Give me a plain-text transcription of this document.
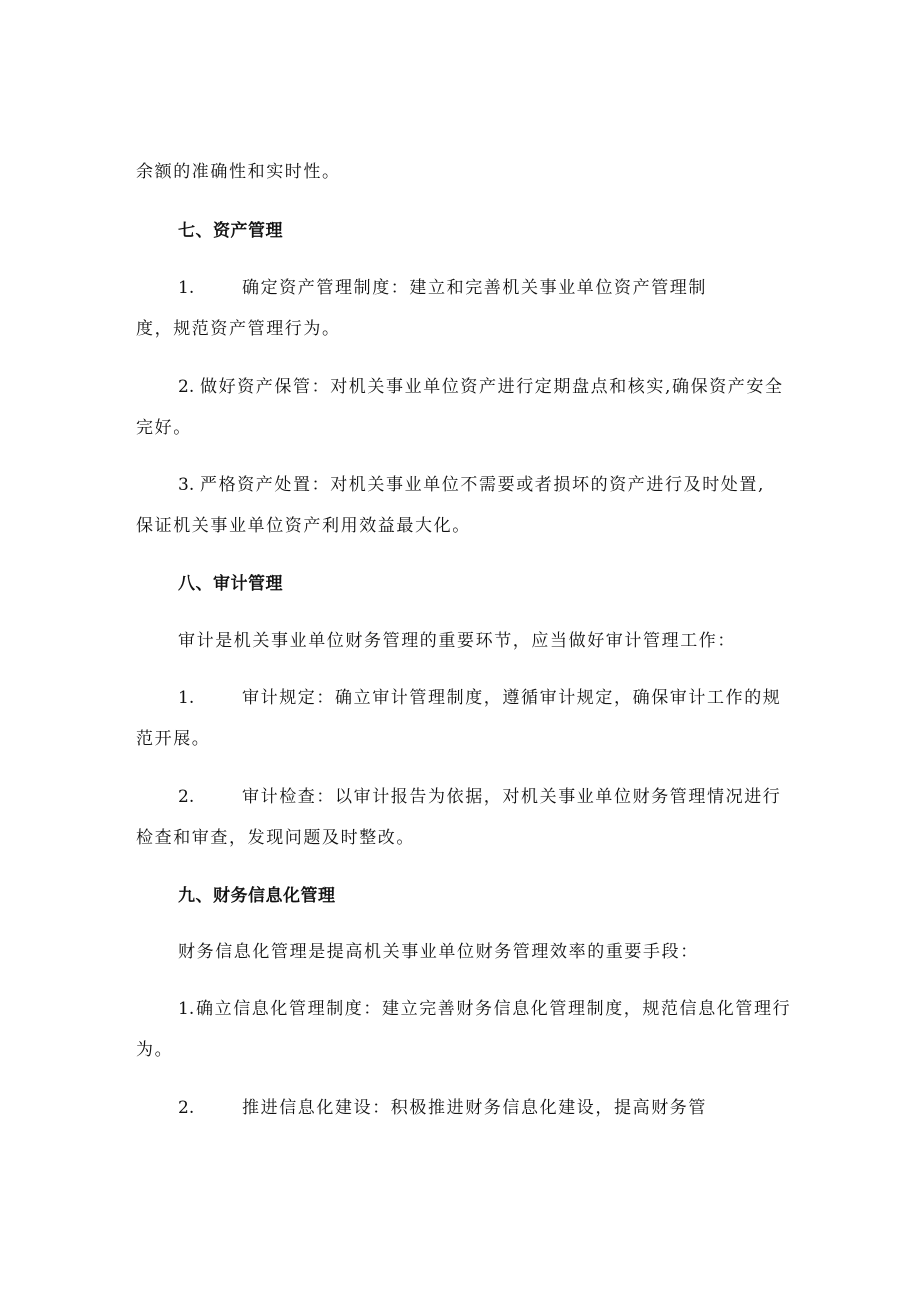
余额的准确性和实时性。
七、资产管理
1.	确定资产管理制度：建立和完善机关事业单位资产管理制
度，规范资产管理行为。
2. 做好资产保管：对机关事业单位资产进行定期盘点和核实,确保资产安全
完好。
3. 严格资产处置：对机关事业单位不需要或者损坏的资产进行及时处置,
保证机关事业单位资产利用效益最大化。
八、审计管理
审计是机关事业单位财务管理的重要环节，应当做好审计管理工作：
1.	审计规定：确立审计管理制度，遵循审计规定，确保审计工作的规
范开展。
2.	审计检查：以审计报告为依据，对机关事业单位财务管理情况进行
检查和审查，发现问题及时整改。
九、财务信息化管理
财务信息化管理是提高机关事业单位财务管理效率的重要手段：
1. 确立信息化管理制度：建立完善财务信息化管理制度，规范信息化管理行
为。
2.	推进信息化建设：积极推进财务信息化建设，提高财务管
